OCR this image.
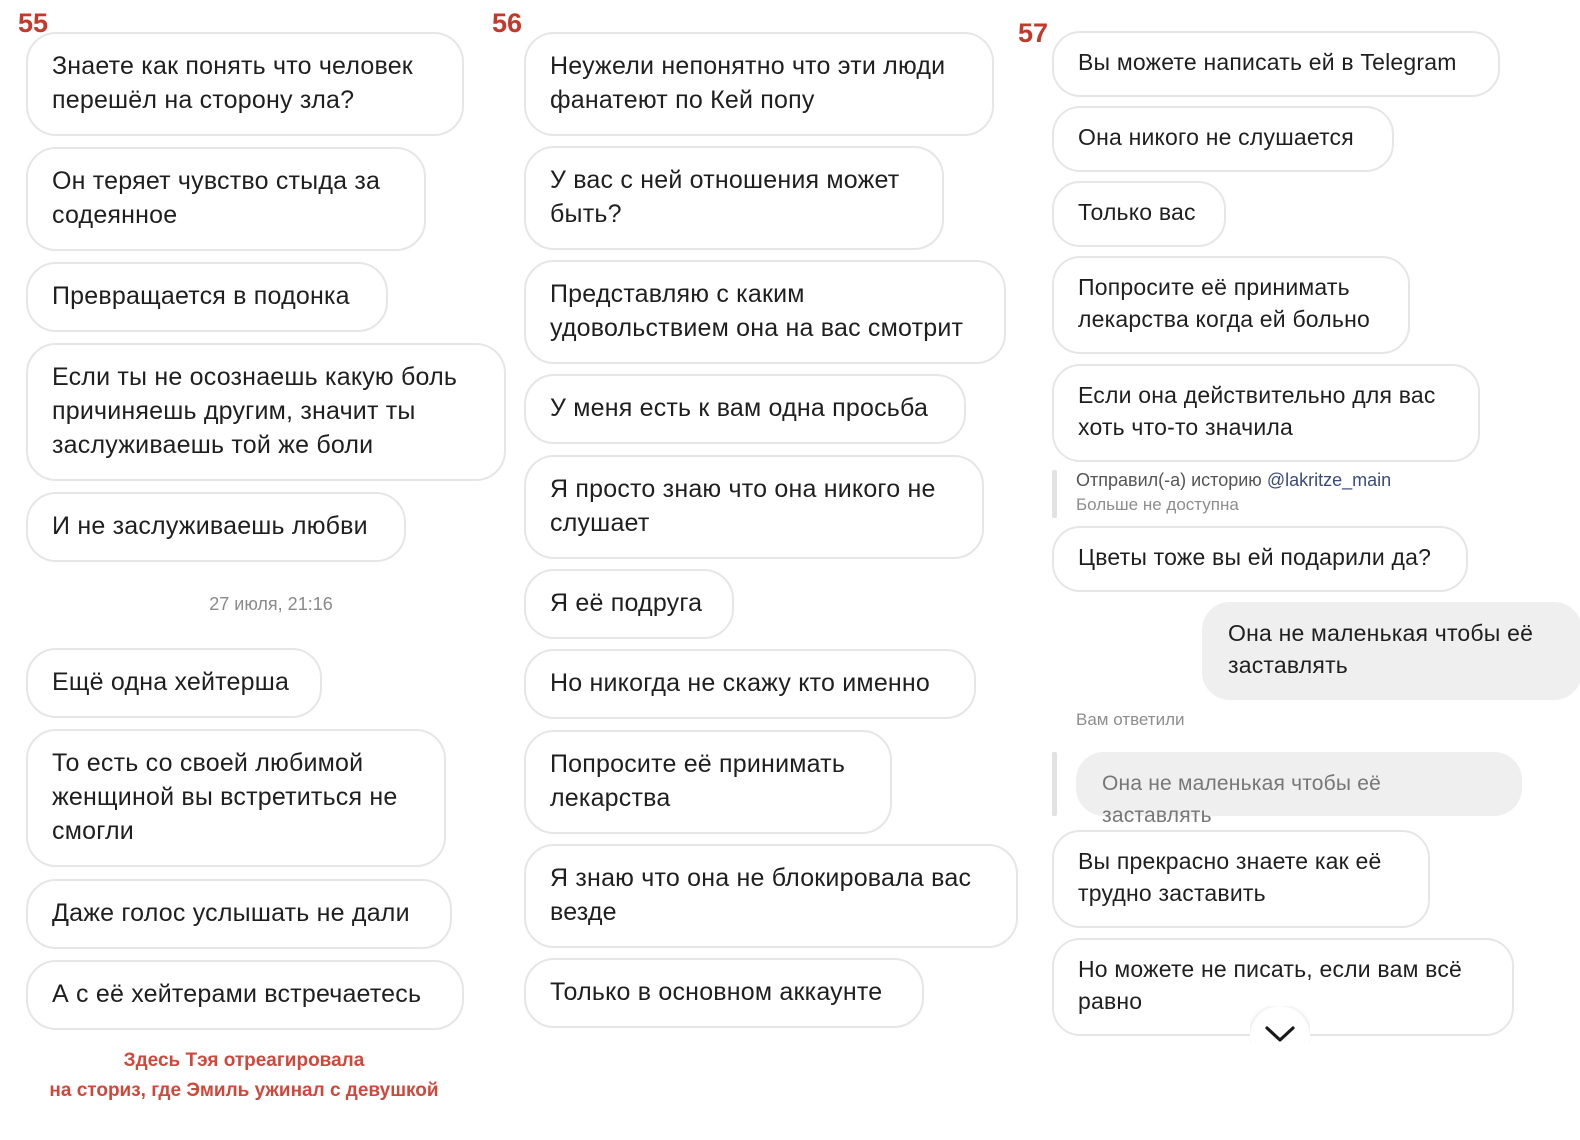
55
Знаете как понять что человек
перешёл на сторону зла?
Он теряет чувство стыда за
содеянное
Превращается в подонка
Если ты не осознаешь какую боль
причиняешь другим, значит ты
заслуживаешь той же боли
И не заслуживаешь любви
27 июля, 21:16
Ещё одна хейтерша
То есть со своей любимой
женщиной вы встретиться не
смогли
Даже голос услышать не дали
А с её хейтерами встречаетесь
Здесь Тэя отреагировала
на сториз, где Эмиль ужинал с девушкой
56
Неужели непонятно что эти люди
фанатеют по Кей попу
У вас с ней отношения может
быть?
Представляю с каким
удовольствием она на вас смотрит
У меня есть к вам одна просьба
Я просто знаю что она никого не
слушает
Я её подруга
Но никогда не скажу кто именно
Попросите её принимать
лекарства
Я знаю что она не блокировала вас
везде
Только в основном аккаунте
57
Вы можете написать ей в Telegram
Она никого не слушается
Только вас
Попросите её принимать
лекарства когда ей больно
Если она действительно для вас
хоть что-то значила
Отправил(-а) историю @lakritze_main
Больше не доступна
Цветы тоже вы ей подарили да?
Она не маленькая чтобы её
заставлять
Вам ответили
Она не маленькая чтобы её заставлять
Вы прекрасно знаете как её
трудно заставить
Но можете не писать, если вам всё
равно
